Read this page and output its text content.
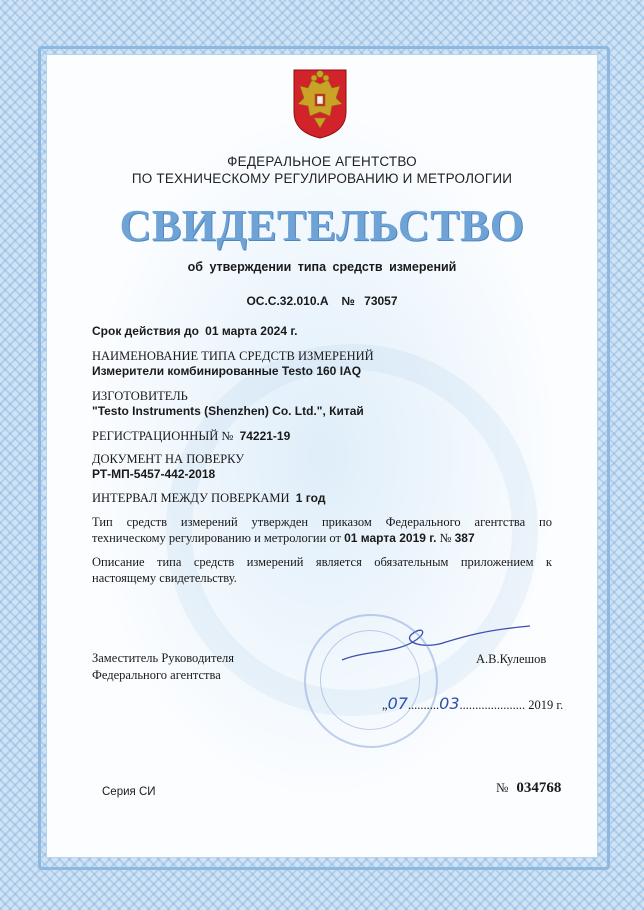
ФЕДЕРАЛЬНОЕ АГЕНТСТВО
ПО ТЕХНИЧЕСКОМУ РЕГУЛИРОВАНИЮ И МЕТРОЛОГИИ
СВИДЕТЕЛЬСТВО
об утверждении типа средств измерений
OC.C.32.010.A № 73057
Срок действия до 01 марта 2024 г.
НАИМЕНОВАНИЕ ТИПА СРЕДСТВ ИЗМЕРЕНИЙ
Измерители комбинированные Testo 160 IAQ
ИЗГОТОВИТЕЛЬ
"Testo Instruments (Shenzhen) Co. Ltd.", Китай
РЕГИСТРАЦИОННЫЙ № 74221-19
ДОКУМЕНТ НА ПОВЕРКУ
РТ-МП-5457-442-2018
ИНТЕРВАЛ МЕЖДУ ПОВЕРКАМИ 1 год
Тип средств измерений утвержден приказом Федерального агентства по техническому регулированию и метрологии от 01 марта 2019 г. № 387
Описание типа средств измерений является обязательным приложением к настоящему свидетельству.
Заместитель Руководителя
Федерального агентства
А.В.Кулешов
„07..........03..................... 2019 г.
Серия СИ	№ 034768
